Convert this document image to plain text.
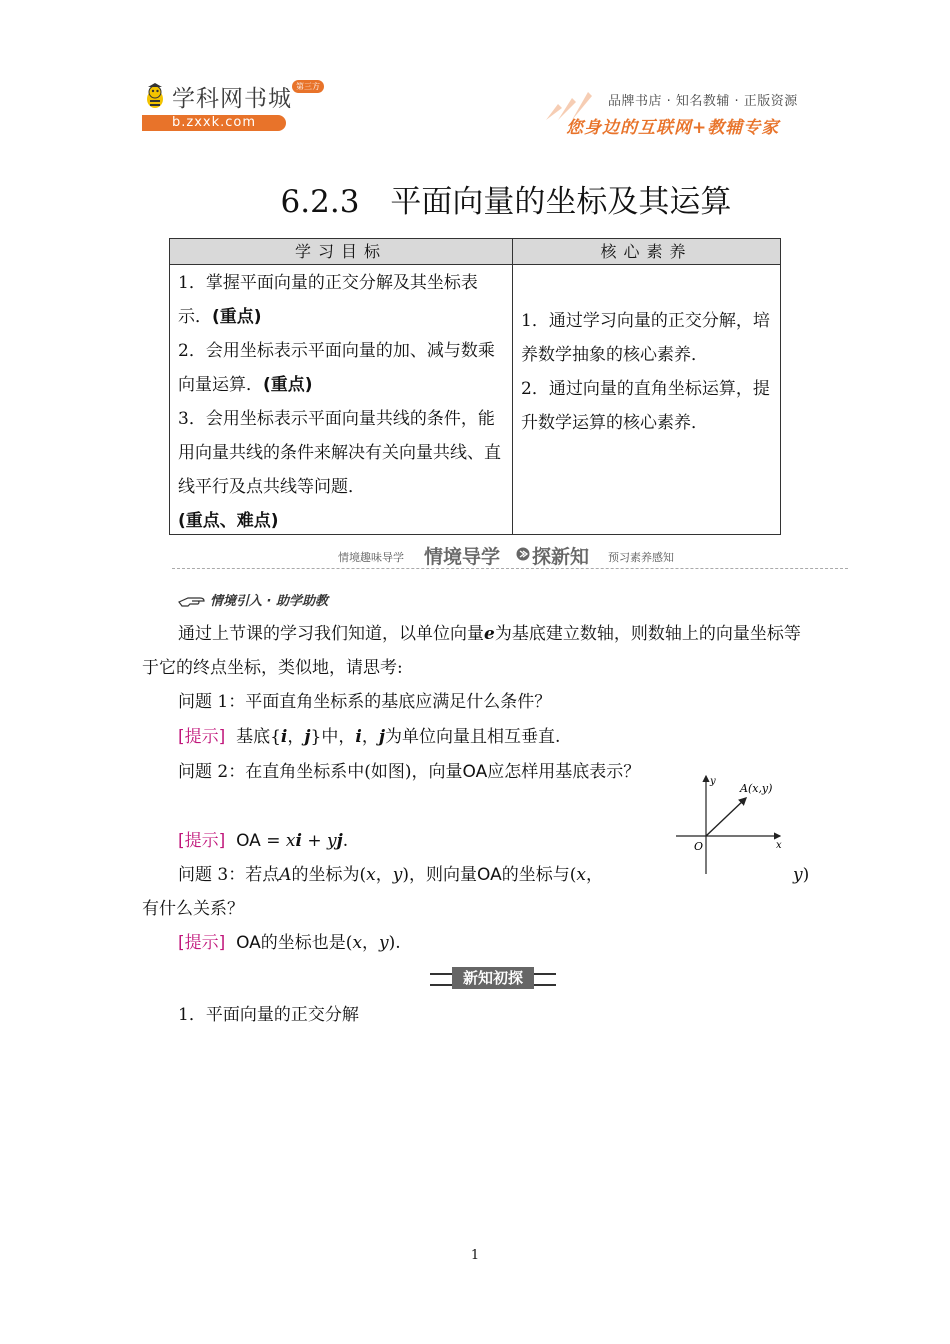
学科网书城 第三方
b.zxxk.com
品牌书店 · 知名教辅 · 正版资源
您身边的互联网+教辅专家
6.2.3　平面向量的坐标及其运算
学习目标
1．掌握平面向量的正交分解及其坐标表示．(重点)
2．会用坐标表示平面向量的加、减与数乘向量运算．(重点)
3．会用坐标表示平面向量共线的条件，能用向量共线的条件来解决有关向量共线、直线平行及点共线等问题．
(重点、难点)
核心素养
1．通过学习向量的正交分解，培养数学抽象的核心素养．
2．通过向量的直角坐标运算，提升数学运算的核心素养．
情境趣味导学 情境导学 探新知 预习素养感知
情境引入 · 助学助教
通过上节课的学习我们知道，以单位向量e为基底建立数轴，则数轴上的向量坐标等于它的终点坐标，类似地，请思考:
问题 1：平面直角坐标系的基底应满足什么条件？
[提示] 基底{i，j}中，i，j为单位向量且相互垂直.
问题 2：在直角坐标系中(如图)，向量OA应怎样用基底表示？
[提示] OA = xi + yj.
问题 3：若点A的坐标为(x，y)，则向量OA的坐标与(x，	y)
有什么关系？
[提示] OA的坐标也是(x，y).
A(x,y)
x
y
O
新知初探
1．平面向量的正交分解
1
